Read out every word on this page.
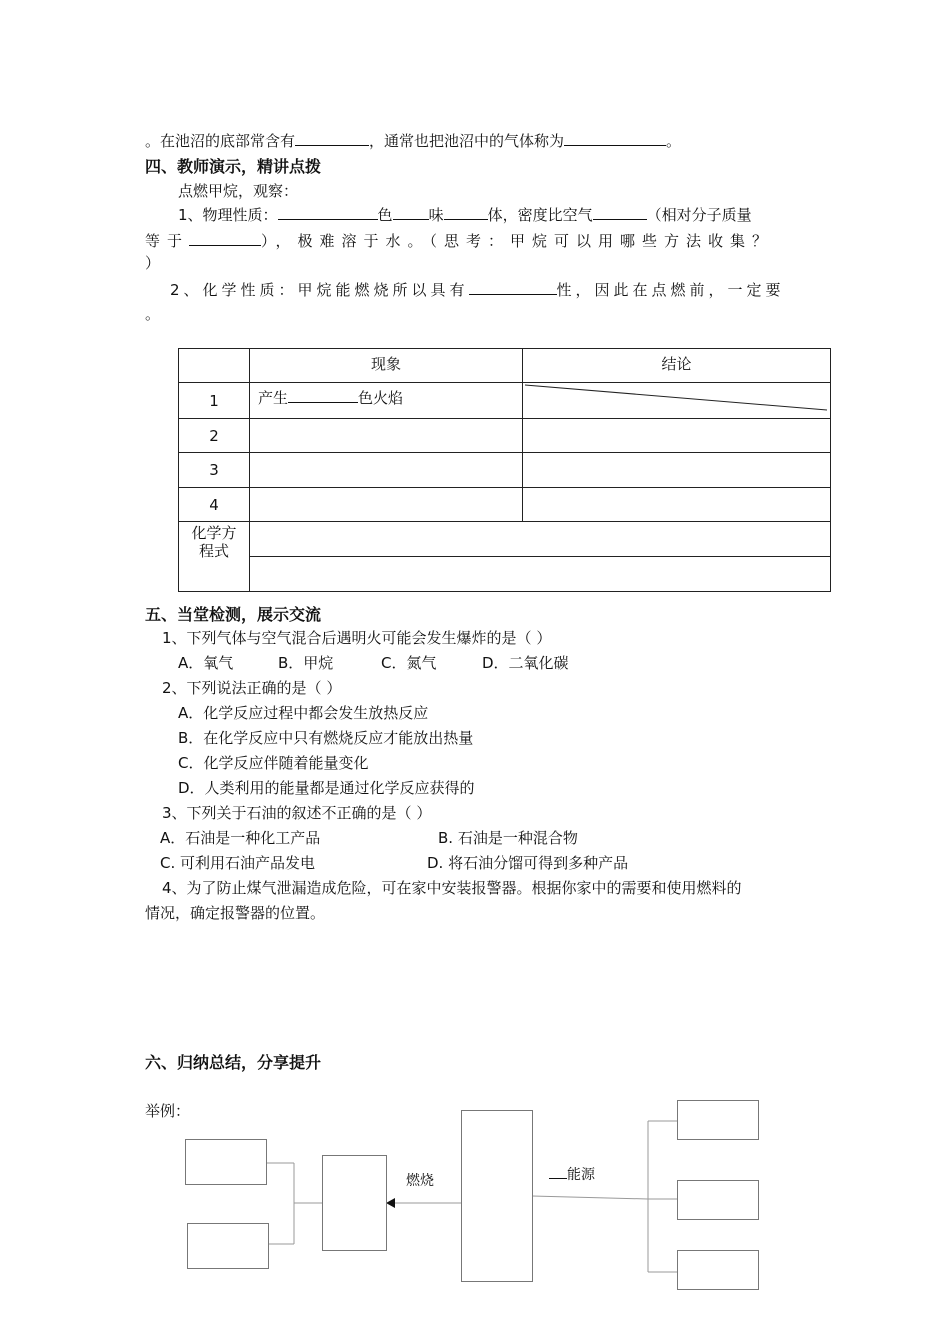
。在池沼的底部常含有	，通常也把池沼中的气体称为	。
四、教师演示，精讲点拨
点燃甲烷，观察：
1、物理性质：	色 味	体，密度比空气	（相对分子质量
等于	），极难溶于水。（思考：甲烷可以用哪些方法收集？
）
2、化学性质：甲烷能燃烧所以具有	性，因此在点燃前，一定要
。
	现象	结论
1	产生 色火焰	

2		
3		
4		

化学方程式		

五、当堂检测，展示交流
1、下列气体与空气混合后遇明火可能会发生爆炸的是（ ）
A．氧气	B．甲烷	C．氮气	D．二氧化碳
2、下列说法正确的是（ ）
A．化学反应过程中都会发生放热反应
B．在化学反应中只有燃烧反应才能放出热量
C．化学反应伴随着能量变化
D．人类利用的能量都是通过化学反应获得的
3、下列关于石油的叙述不正确的是（ ）
A．石油是一种化工产品	B. 石油是一种混合物
C. 可利用石油产品发电	D. 将石油分馏可得到多种产品
4、为了防止煤气泄漏造成危险，可在家中安装报警器。根据你家中的需要和使用燃料的
情况，确定报警器的位置。
六、归纳总结，分享提升
举例：
燃烧	能源
